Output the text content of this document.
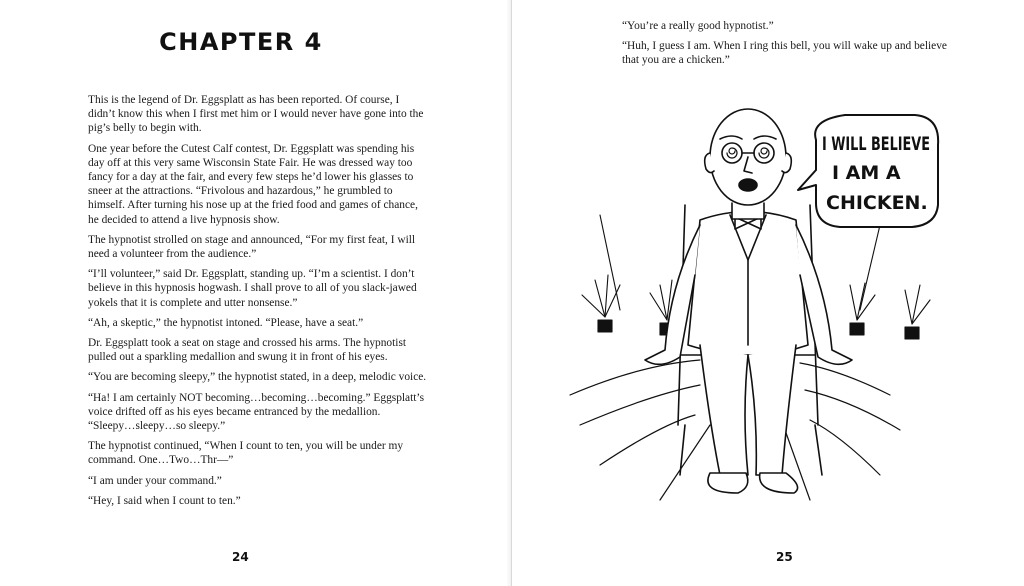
CHAPTER 4

This is the legend of Dr. Eggsplatt as has been reported. Of course, I didn’t know this when I first met him or I would never have gone into the pig’s belly to begin with.

One year before the Cutest Calf contest, Dr. Eggsplatt was spending his day off at this very same Wisconsin State Fair. He was dressed way too fancy for a day at the fair, and every few steps he’d lower his glasses to sneer at the attractions. “Frivolous and hazardous,” he grumbled to himself. After turning his nose up at the fried food and games of chance, he decided to attend a live hypnosis show.

The hypnotist strolled on stage and announced, “For my first feat, I will need a volunteer from the audience.”

“I’ll volunteer,” said Dr. Eggsplatt, standing up. “I’m a scientist. I don’t believe in this hypnosis hogwash. I shall prove to all of you slack-jawed yokels that it is complete and utter nonsense.”

“Ah, a skeptic,” the hypnotist intoned. “Please, have a seat.”

Dr. Eggsplatt took a seat on stage and crossed his arms. The hypnotist pulled out a sparkling medallion and swung it in front of his eyes.

“You are becoming sleepy,” the hypnotist stated, in a deep, melodic voice.

“Ha! I am certainly NOT becoming…becoming…becoming.” Eggsplatt’s voice drifted off as his eyes became entranced by the medallion. “Sleepy…sleepy…so sleepy.”

The hypnotist continued, “When I count to ten, you will be under my command. One…Two…Thr—”

“I am under your command.”

“Hey, I said when I count to ten.”

24

“You’re a really good hypnotist.”

“Huh, I guess I am. When I ring this bell, you will wake up and believe that you are a chicken.”

25
I WILL BELIEVE
I AM A
CHICKEN.
